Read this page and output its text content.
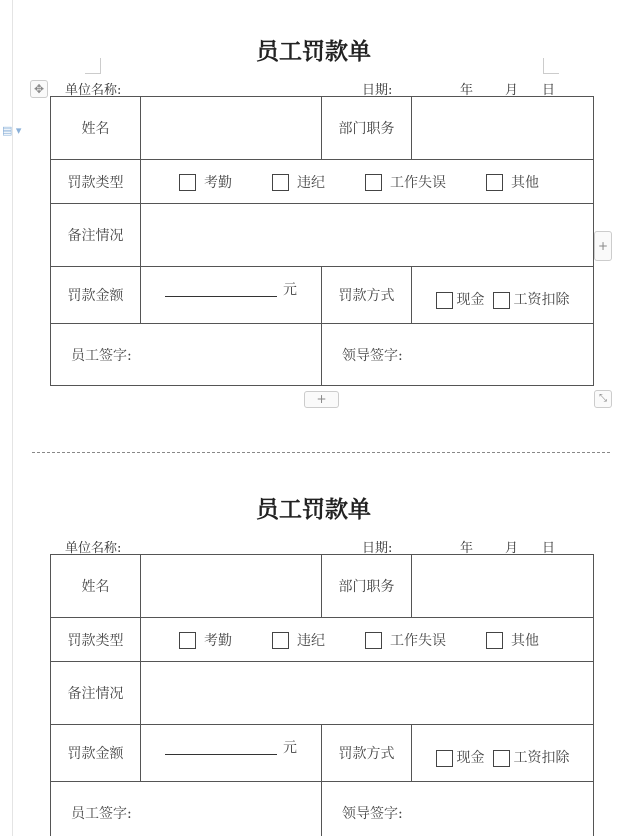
✥
▤ ▾
+
+	⤡
员工罚款单
单位名称:	日期:	年 月 日
姓名		部门职务	
罚款类型	考勤 违纪 工作失误 其他		
备注情况			
罚款金额	元	罚款方式	现金 工资扣除
员工签字:		领导签字:	
员工罚款单
单位名称:	日期:	年 月 日
姓名		部门职务	
罚款类型	考勤 违纪 工作失误 其他		
备注情况			
罚款金额	元	罚款方式	现金 工资扣除
员工签字:		领导签字:	
